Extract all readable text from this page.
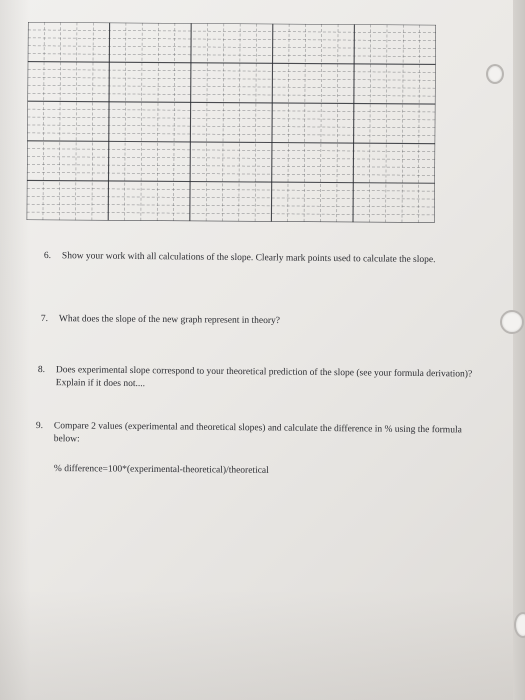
6. Show your work with all calculations of the slope. Clearly mark points used to calculate the slope.
7. What does the slope of the new graph represent in theory?
8. Does experimental slope correspond to your theoretical prediction of the slope (see your formula derivation)? Explain if it does not....
9. Compare 2 values (experimental and theoretical slopes) and calculate the difference in % using the formula below:
% difference=100*(experimental-theoretical)/theoretical
